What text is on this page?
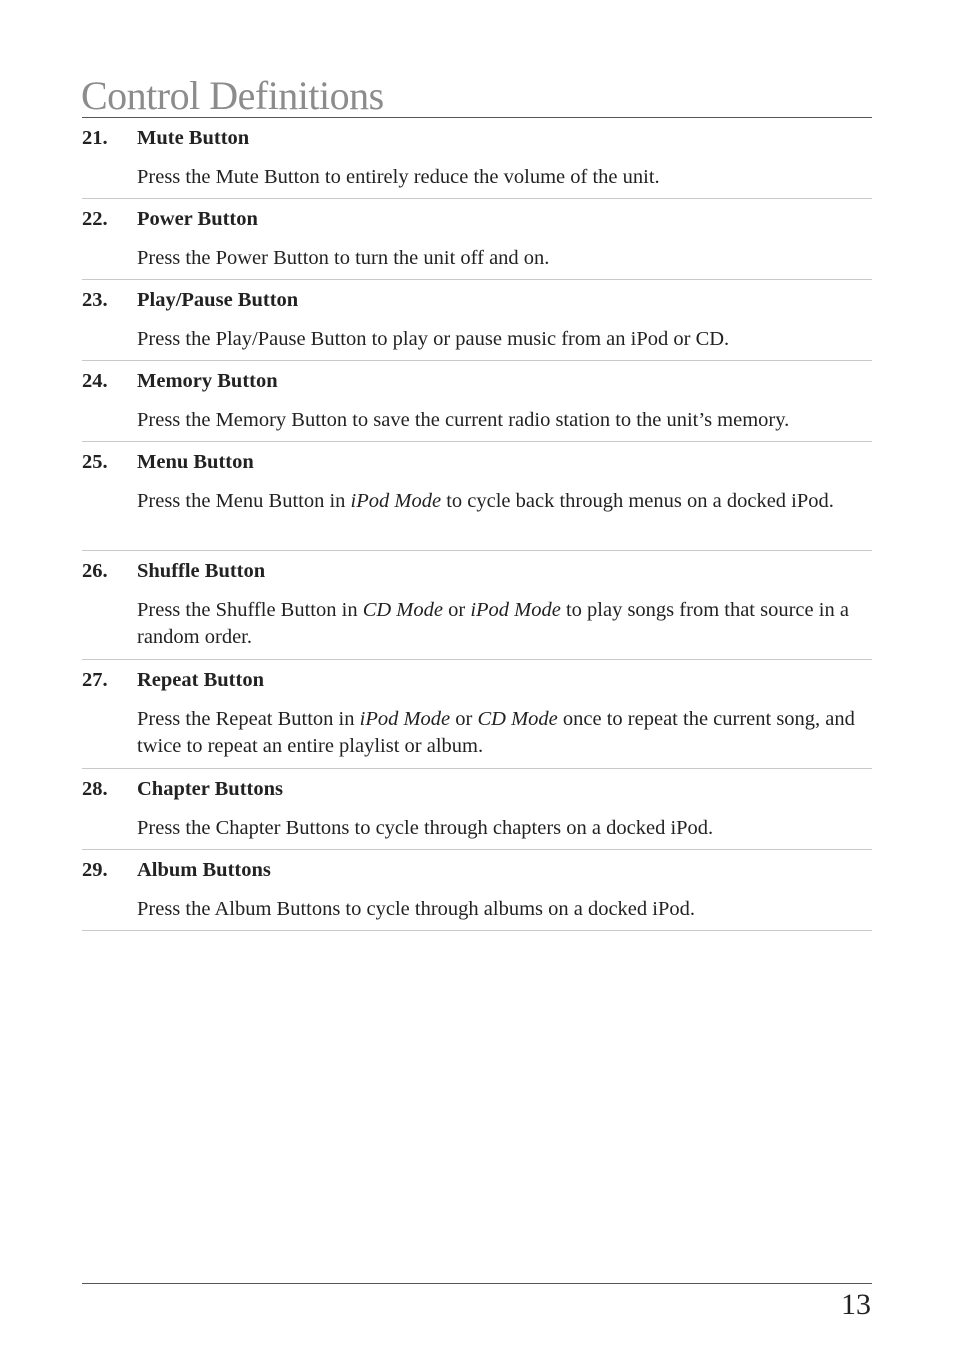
Control Definitions
21. Mute Button
Press the Mute Button to entirely reduce the volume of the unit.
22. Power Button
Press the Power Button to turn the unit off and on.
23. Play/Pause Button
Press the Play/Pause Button to play or pause music from an iPod or CD.
24. Memory Button
Press the Memory Button to save the current radio station to the unit’s memory.
25. Menu Button
Press the Menu Button in iPod Mode to cycle back through menus on a docked iPod.
26. Shuffle Button
Press the Shuffle Button in CD Mode or iPod Mode to play songs from that source in a random order.
27. Repeat Button
Press the Repeat Button in iPod Mode or CD Mode once to repeat the current song, and twice to repeat an entire playlist or album.
28. Chapter Buttons
Press the Chapter Buttons to cycle through chapters on a docked iPod.
29. Album Buttons
Press the Album Buttons to cycle through albums on a docked iPod.
13
